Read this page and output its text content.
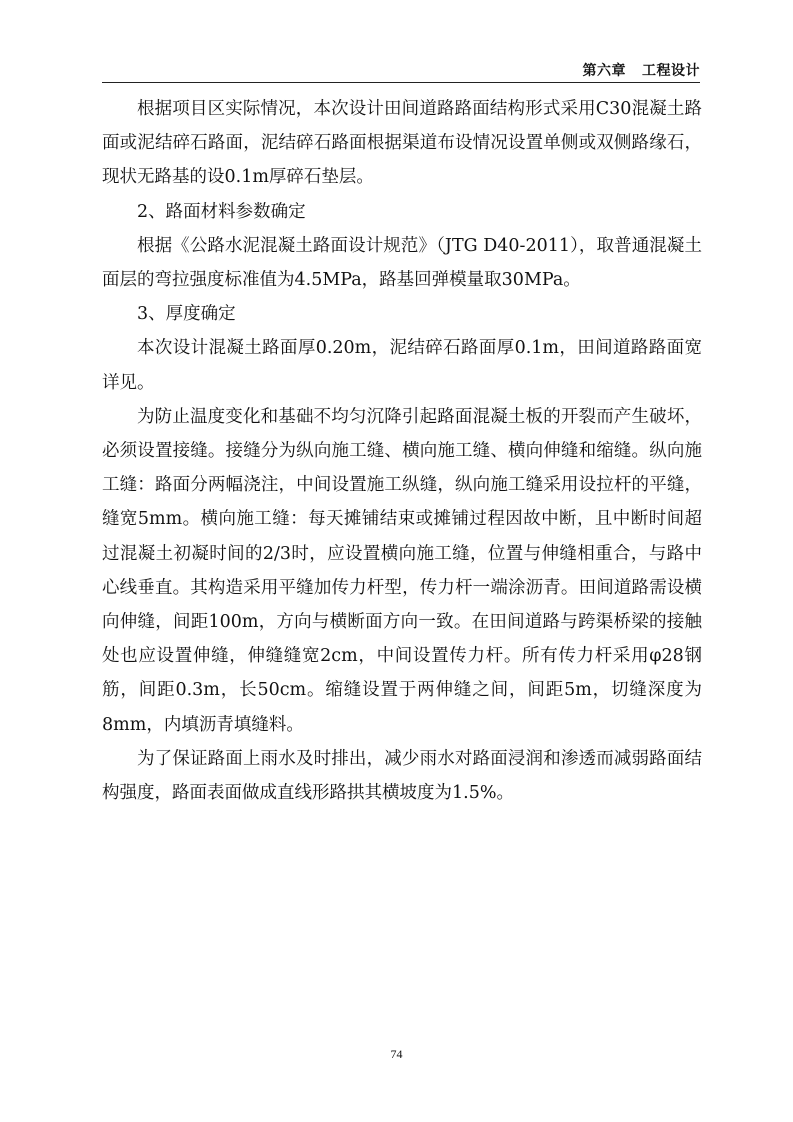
第六章 工程设计

根据项目区实际情况，本次设计田间道路路面结构形式采用C30混凝土路面或泥结碎石路面，泥结碎石路面根据渠道布设情况设置单侧或双侧路缘石，现状无路基的设0.1m厚碎石垫层。

2、路面材料参数确定

根据《公路水泥混凝土路面设计规范》（JTG D40-2011），取普通混凝土面层的弯拉强度标准值为4.5MPa，路基回弹模量取30MPa。

3、厚度确定

本次设计混凝土路面厚0.20m，泥结碎石路面厚0.1m，田间道路路面宽详见。

为防止温度变化和基础不均匀沉降引起路面混凝土板的开裂而产生破坏，必须设置接缝。接缝分为纵向施工缝、横向施工缝、横向伸缝和缩缝。纵向施工缝：路面分两幅浇注，中间设置施工纵缝，纵向施工缝采用设拉杆的平缝，缝宽5mm。横向施工缝：每天摊铺结束或摊铺过程因故中断，且中断时间超过混凝土初凝时间的2/3时，应设置横向施工缝，位置与伸缝相重合，与路中心线垂直。其构造采用平缝加传力杆型，传力杆一端涂沥青。田间道路需设横向伸缝，间距100m，方向与横断面方向一致。在田间道路与跨渠桥梁的接触处也应设置伸缝，伸缝缝宽2cm，中间设置传力杆。所有传力杆采用φ28钢筋，间距0.3m，长50cm。缩缝设置于两伸缝之间，间距5m，切缝深度为8mm，内填沥青填缝料。

为了保证路面上雨水及时排出，减少雨水对路面浸润和渗透而减弱路面结构强度，路面表面做成直线形路拱其横坡度为1.5%。

74
